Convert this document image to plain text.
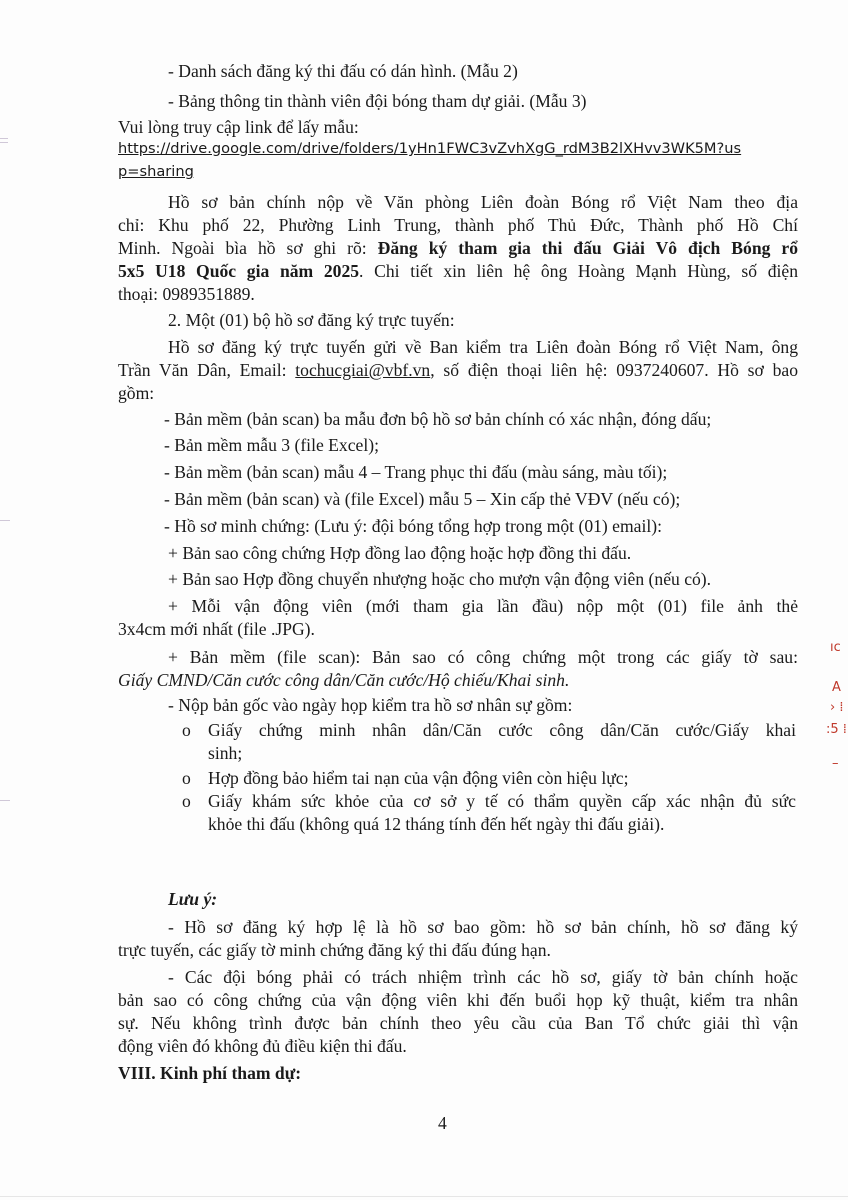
- Danh sách đăng ký thi đấu có dán hình. (Mẫu 2)
- Bảng thông tin thành viên đội bóng tham dự giải. (Mẫu 3)
Vui lòng truy cập link để lấy mẫu:
https://drive.google.com/drive/folders/1yHn1FWC3vZvhXgG_rdM3B2lXHvv3WK5M?us
p=sharing
Hồ sơ bản chính nộp về Văn phòng Liên đoàn Bóng rổ Việt Nam theo địa
chỉ: Khu phố 22, Phường Linh Trung, thành phố Thủ Đức, Thành phố Hồ Chí
Minh. Ngoài bìa hồ sơ ghi rõ: Đăng ký tham gia thi đấu Giải Vô địch Bóng rổ
5x5 U18 Quốc gia năm 2025. Chi tiết xin liên hệ ông Hoàng Mạnh Hùng, số điện
thoại: 0989351889.
2. Một (01) bộ hồ sơ đăng ký trực tuyến:
Hồ sơ đăng ký trực tuyến gửi về Ban kiểm tra Liên đoàn Bóng rổ Việt Nam, ông
Trần Văn Dân, Email: tochucgiai@vbf.vn, số điện thoại liên hệ: 0937240607. Hồ sơ bao
gồm:
- Bản mềm (bản scan) ba mẫu đơn bộ hồ sơ bản chính có xác nhận, đóng dấu;
- Bản mềm mẫu 3 (file Excel);
- Bản mềm (bản scan) mẫu 4 – Trang phục thi đấu (màu sáng, màu tối);
- Bản mềm (bản scan) và (file Excel) mẫu 5 – Xin cấp thẻ VĐV (nếu có);
- Hồ sơ minh chứng: (Lưu ý: đội bóng tổng hợp trong một (01) email):
+ Bản sao công chứng Hợp đồng lao động hoặc hợp đồng thi đấu.
+ Bản sao Hợp đồng chuyển nhượng hoặc cho mượn vận động viên (nếu có).
+ Mỗi vận động viên (mới tham gia lần đầu) nộp một (01) file ảnh thẻ
3x4cm mới nhất (file .JPG).
+ Bản mềm (file scan): Bản sao có công chứng một trong các giấy tờ sau:
Giấy CMND/Căn cước công dân/Căn cước/Hộ chiếu/Khai sinh.
- Nộp bản gốc vào ngày họp kiểm tra hồ sơ nhân sự gồm:
o Giấy chứng minh nhân dân/Căn cước công dân/Căn cước/Giấy khai
sinh;
o Hợp đồng bảo hiểm tai nạn của vận động viên còn hiệu lực;
o Giấy khám sức khỏe của cơ sở y tế có thẩm quyền cấp xác nhận đủ sức
khỏe thi đấu (không quá 12 tháng tính đến hết ngày thi đấu giải).
Lưu ý:
- Hồ sơ đăng ký hợp lệ là hồ sơ bao gồm: hồ sơ bản chính, hồ sơ đăng ký
trực tuyến, các giấy tờ minh chứng đăng ký thi đấu đúng hạn.
- Các đội bóng phải có trách nhiệm trình các hồ sơ, giấy tờ bản chính hoặc
bản sao có công chứng của vận động viên khi đến buổi họp kỹ thuật, kiểm tra nhân
sự. Nếu không trình được bản chính theo yêu cầu của Ban Tổ chức giải thì vận
động viên đó không đủ điều kiện thi đấu.
VIII. Kinh phí tham dự:
4
ıc
A
› ⁞
:5 ⁞
–
